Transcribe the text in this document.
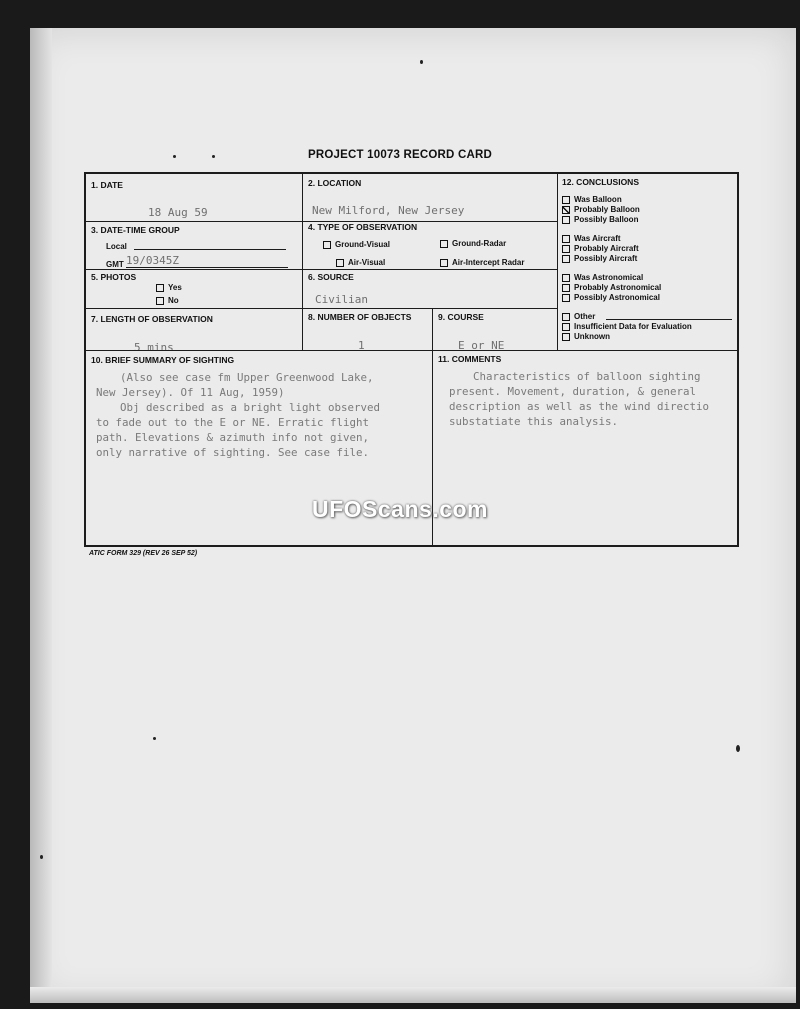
PROJECT 10073 RECORD CARD
1. DATE
18 Aug 59
2. LOCATION
New Milford, New Jersey
3. DATE-TIME GROUP
Local
GMT 19/0345Z
4. TYPE OF OBSERVATION
Ground-Visual	Ground-Radar
Air-Visual	Air-Intercept Radar
5. PHOTOS
Yes
No
6. SOURCE
Civilian
7. LENGTH OF OBSERVATION
5 mins
8. NUMBER OF OBJECTS
1
9. COURSE
E or NE
12. CONCLUSIONS
Was Balloon
Probably Balloon
Possibly Balloon
Was Aircraft
Probably Aircraft
Possibly Aircraft
Was Astronomical
Probably Astronomical
Possibly Astronomical
Other
Insufficient Data for Evaluation
Unknown
10. BRIEF SUMMARY OF SIGHTING
(Also see case fm Upper Greenwood Lake,
New Jersey). Of 11 Aug, 1959)
Obj described as a bright light observed
to fade out to the E or NE. Erratic flight
path. Elevations & azimuth info not given,
only narrative of sighting. See case file.
11. COMMENTS
Characteristics of balloon sighting
present. Movement, duration, & general
description as well as the wind directio
substatiate this analysis.
UFOScans.com
ATIC FORM 329 (REV 26 SEP 52)
